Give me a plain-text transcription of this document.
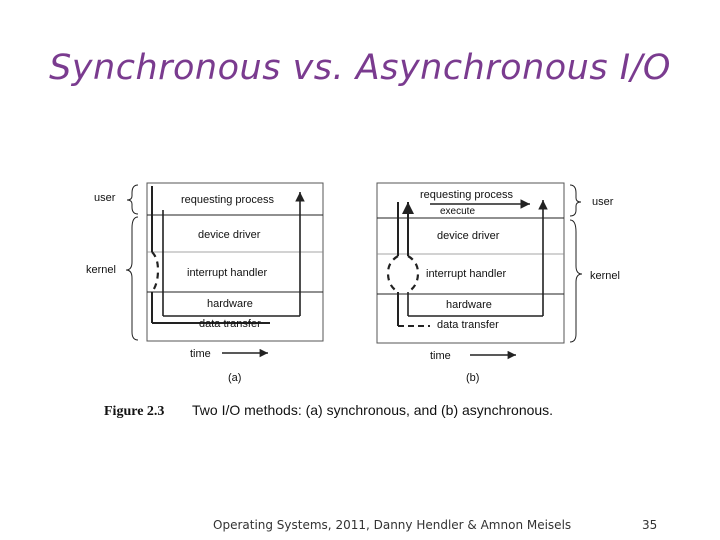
Synchronous vs. Asynchronous I/O
user
kernel
requesting process
device driver
interrupt handler
hardware
data transfer
time
(a)
user
kernel
requesting process
execute
device driver
interrupt handler
hardware
data transfer
time
(b)
Figure 2.3 Two I/O methods: (a) synchronous, and (b) asynchronous.
Operating Systems, 2011, Danny Hendler & Amnon Meisels	35
